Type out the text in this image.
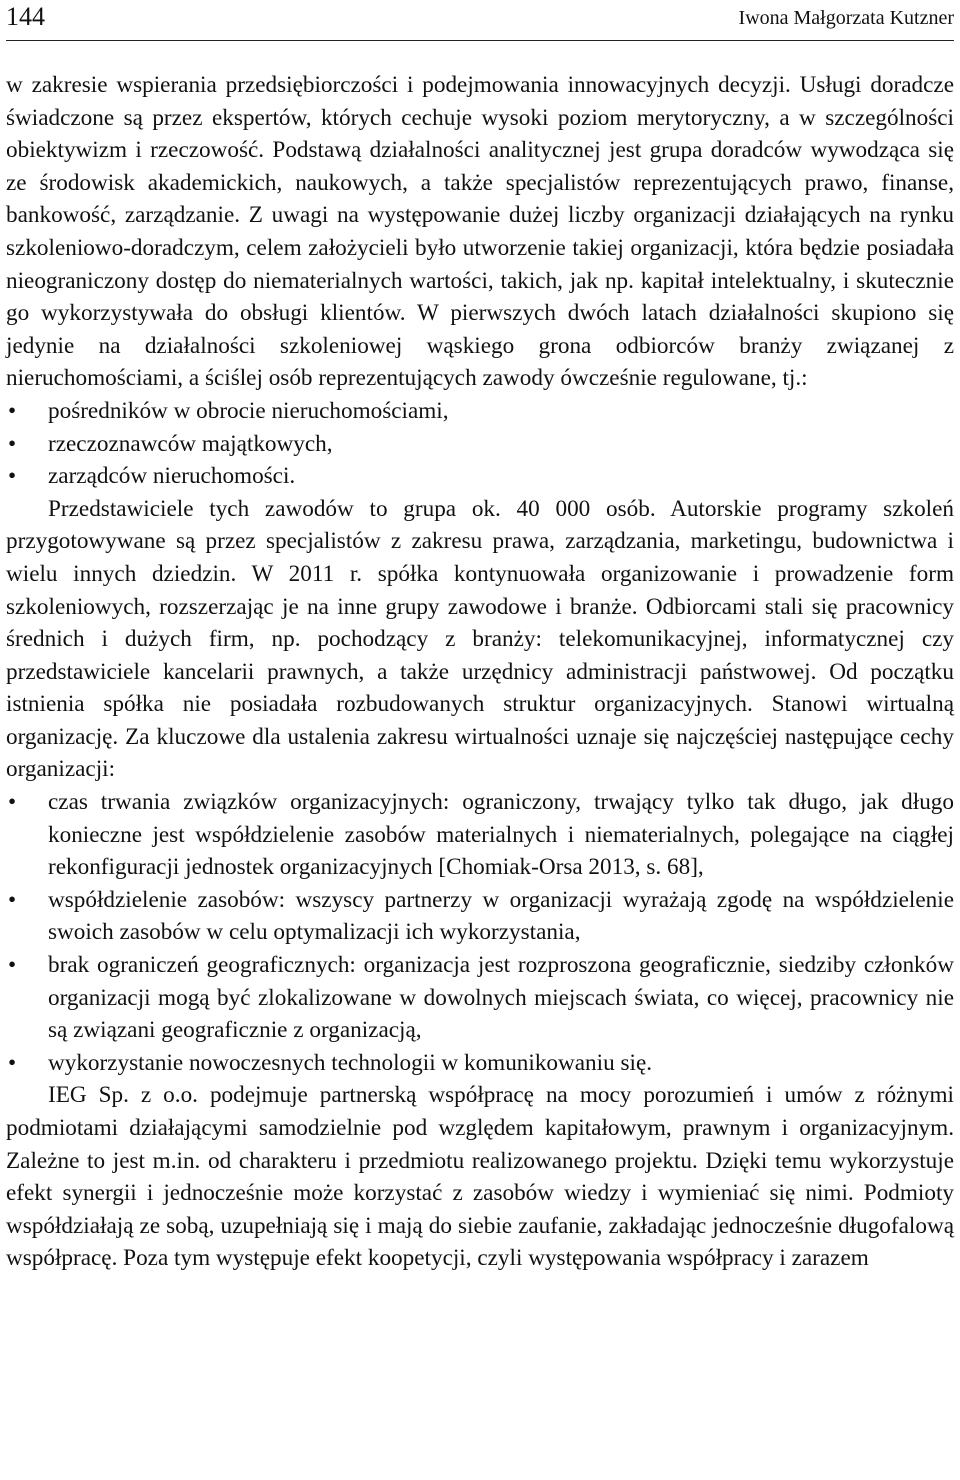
144	Iwona Małgorzata Kutzner

w zakresie wspierania przedsiębiorczości i podejmowania innowacyjnych decyzji. Usługi doradcze świadczone są przez ekspertów, których cechuje wysoki poziom merytoryczny, a w szczególności obiektywizm i rzeczowość. Podstawą działalności analitycznej jest grupa doradców wywodząca się ze środowisk akademickich, naukowych, a także specjalistów reprezentujących prawo, finanse, bankowość, zarządzanie. Z uwagi na występowanie dużej liczby organizacji działających na rynku szkoleniowo-doradczym, celem założycieli było utworzenie takiej organizacji, która będzie posiadała nieograniczony dostęp do niematerialnych wartości, takich, jak np. kapitał intelektualny, i skutecznie go wykorzystywała do obsługi klientów. W pierwszych dwóch latach działalności skupiono się jedynie na działalności szkoleniowej wąskiego grona odbiorców branży związanej z nieruchomościami, a ściślej osób reprezentujących zawody ówcześnie regulowane, tj.:

• pośredników w obrocie nieruchomościami,
• rzeczoznawców majątkowych,
• zarządców nieruchomości.

Przedstawiciele tych zawodów to grupa ok. 40 000 osób. Autorskie programy szkoleń przygotowywane są przez specjalistów z zakresu prawa, zarządzania, marketingu, budownictwa i wielu innych dziedzin. W 2011 r. spółka kontynuowała organizowanie i prowadzenie form szkoleniowych, rozszerzając je na inne grupy zawodowe i branże. Odbiorcami stali się pracownicy średnich i dużych firm, np. pochodzący z branży: telekomunikacyjnej, informatycznej czy przedstawiciele kancelarii prawnych, a także urzędnicy administracji państwowej. Od początku istnienia spółka nie posiadała rozbudowanych struktur organizacyjnych. Stanowi wirtualną organizację. Za kluczowe dla ustalenia zakresu wirtualności uznaje się najczęściej następujące cechy organizacji:

• czas trwania związków organizacyjnych: ograniczony, trwający tylko tak długo, jak długo konieczne jest współdzielenie zasobów materialnych i niematerialnych, polegające na ciągłej rekonfiguracji jednostek organizacyjnych [Chomiak-Orsa 2013, s. 68],
• współdzielenie zasobów: wszyscy partnerzy w organizacji wyrażają zgodę na współdzielenie swoich zasobów w celu optymalizacji ich wykorzystania,
• brak ograniczeń geograficznych: organizacja jest rozproszona geograficznie, siedziby członków organizacji mogą być zlokalizowane w dowolnych miejscach świata, co więcej, pracownicy nie są związani geograficznie z organizacją,
• wykorzystanie nowoczesnych technologii w komunikowaniu się.

IEG Sp. z o.o. podejmuje partnerską współpracę na mocy porozumień i umów z różnymi podmiotami działającymi samodzielnie pod względem kapitałowym, prawnym i organizacyjnym. Zależne to jest m.in. od charakteru i przedmiotu realizowanego projektu. Dzięki temu wykorzystuje efekt synergii i jednocześnie może korzystać z zasobów wiedzy i wymieniać się nimi. Podmioty współdziałają ze sobą, uzupełniają się i mają do siebie zaufanie, zakładając jednocześnie długofalową współpracę. Poza tym występuje efekt koopetycji, czyli występowania współpracy i zarazem
